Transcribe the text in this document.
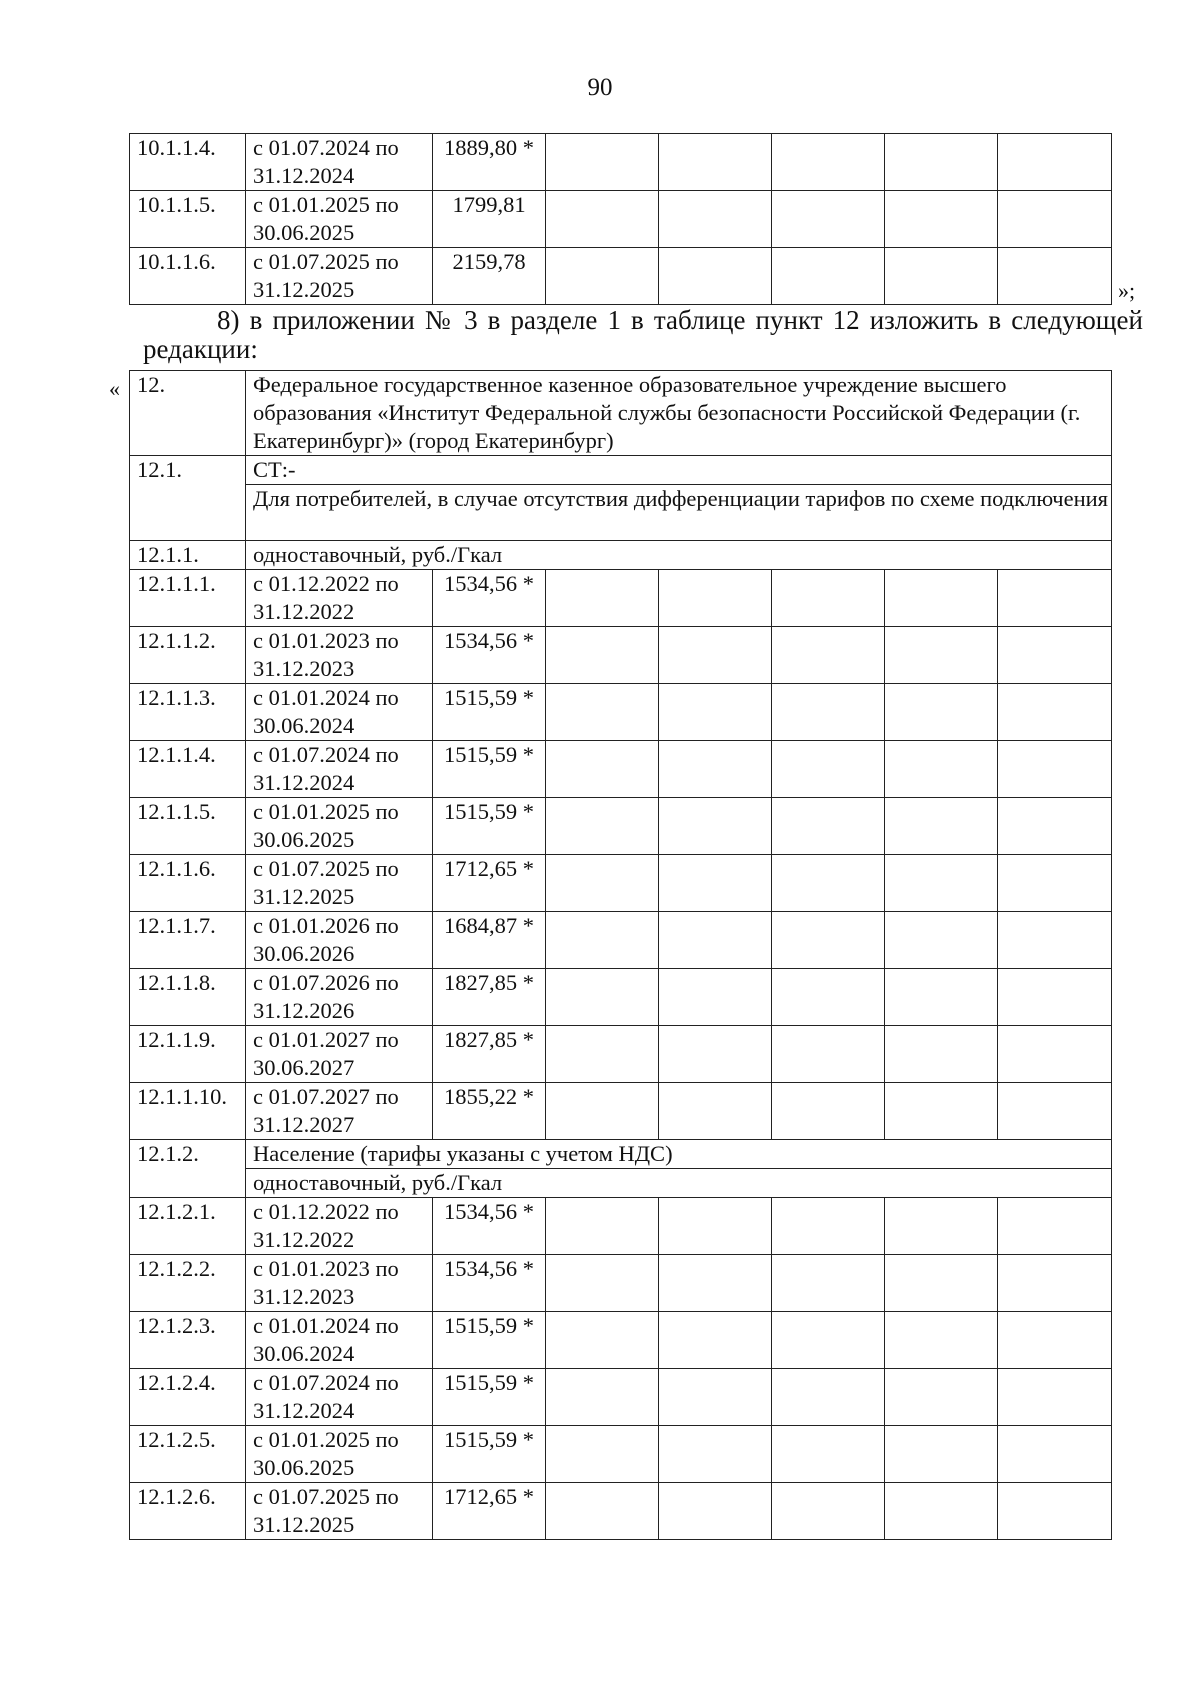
90
10.1.1.4.	с 01.07.2024 по 31.12.2024	1889,80 *					
10.1.1.5.	с 01.01.2025 по 30.06.2025	1799,81					
10.1.1.6.	с 01.07.2025 по 31.12.2025	2159,78					
»;
8) в приложении № 3 в разделе 1 в таблице пункт 12 изложить в следующей
редакции:
« 12.	Федеральное государственное казенное образовательное учреждение высшего образования «Институт Федеральной службы безопасности Российской Федерации (г. Екатеринбург)» (город Екатеринбург)						
12.1.	СТ:-						
	Для потребителей, в случае отсутствия дифференциации тарифов по схеме подключения						
12.1.1.	одноставочный, руб./Гкал						
12.1.1.1.	с 01.12.2022 по 31.12.2022	1534,56 *					
12.1.1.2.	с 01.01.2023 по 31.12.2023	1534,56 *					
12.1.1.3.	с 01.01.2024 по 30.06.2024	1515,59 *					
12.1.1.4.	с 01.07.2024 по 31.12.2024	1515,59 *					
12.1.1.5.	с 01.01.2025 по 30.06.2025	1515,59 *					
12.1.1.6.	с 01.07.2025 по 31.12.2025	1712,65 *					
12.1.1.7.	с 01.01.2026 по 30.06.2026	1684,87 *					
12.1.1.8.	с 01.07.2026 по 31.12.2026	1827,85 *					
12.1.1.9.	с 01.01.2027 по 30.06.2027	1827,85 *					
12.1.1.10.	с 01.07.2027 по 31.12.2027	1855,22 *					
12.1.2.	Население (тарифы указаны с учетом НДС)						
	одноставочный, руб./Гкал						
12.1.2.1.	с 01.12.2022 по 31.12.2022	1534,56 *					
12.1.2.2.	с 01.01.2023 по 31.12.2023	1534,56 *					
12.1.2.3.	с 01.01.2024 по 30.06.2024	1515,59 *					
12.1.2.4.	с 01.07.2024 по 31.12.2024	1515,59 *					
12.1.2.5.	с 01.01.2025 по 30.06.2025	1515,59 *					
12.1.2.6.	с 01.07.2025 по 31.12.2025	1712,65 *					
